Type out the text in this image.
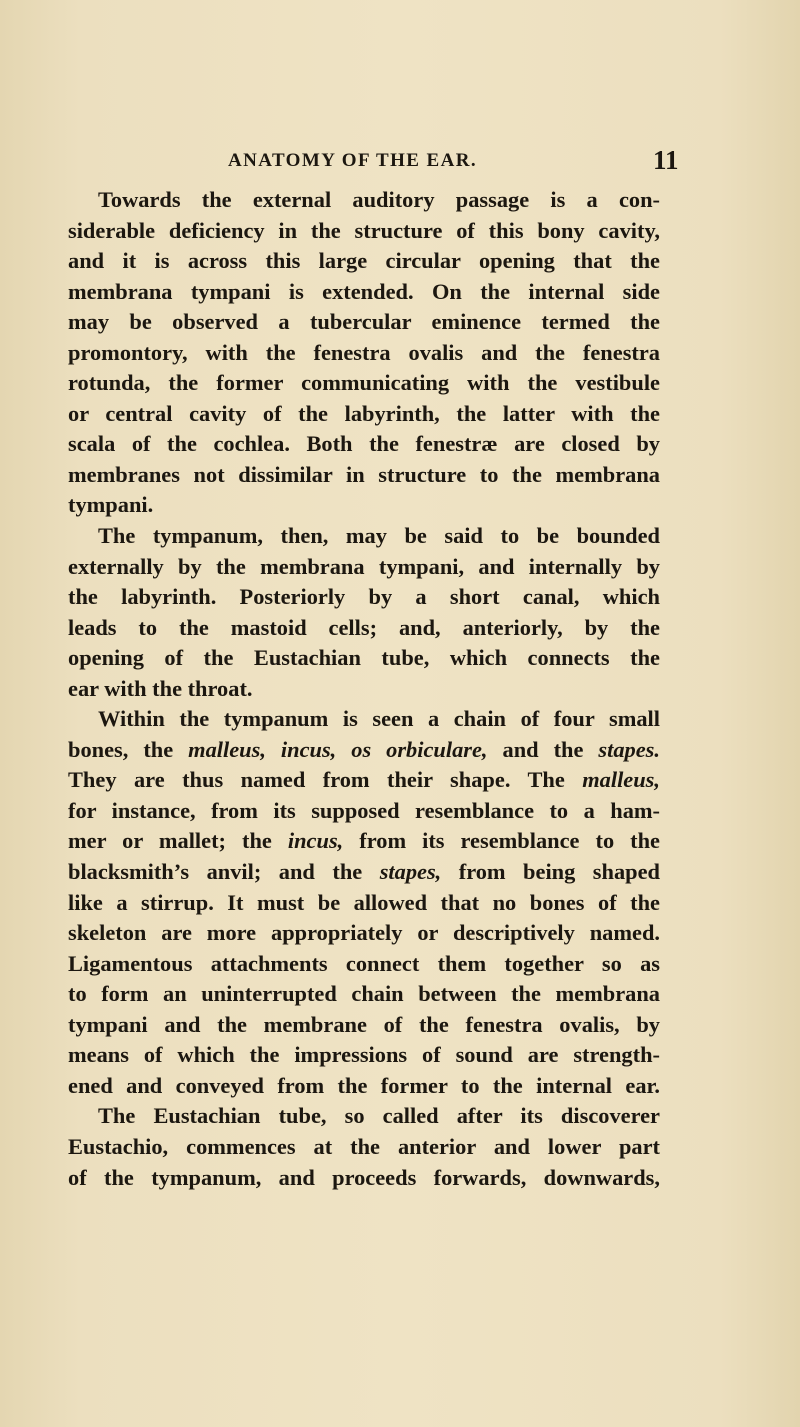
ANATOMY OF THE EAR.	11
Towards the external auditory passage is a con-
siderable deficiency in the structure of this bony cavity,
and it is across this large circular opening that the
membrana tympani is extended. On the internal side
may be observed a tubercular eminence termed the
promontory, with the fenestra ovalis and the fenestra
rotunda, the former communicating with the vestibule
or central cavity of the labyrinth, the latter with the
scala of the cochlea. Both the fenestræ are closed by
membranes not dissimilar in structure to the membrana
tympani.
The tympanum, then, may be said to be bounded
externally by the membrana tympani, and internally by
the labyrinth. Posteriorly by a short canal, which
leads to the mastoid cells; and, anteriorly, by the
opening of the Eustachian tube, which connects the
ear with the throat.
Within the tympanum is seen a chain of four small
bones, the malleus, incus, os orbiculare, and the stapes.
They are thus named from their shape. The malleus,
for instance, from its supposed resemblance to a ham-
mer or mallet; the incus, from its resemblance to the
blacksmith’s anvil; and the stapes, from being shaped
like a stirrup. It must be allowed that no bones of the
skeleton are more appropriately or descriptively named.
Ligamentous attachments connect them together so as
to form an uninterrupted chain between the membrana
tympani and the membrane of the fenestra ovalis, by
means of which the impressions of sound are strength-
ened and conveyed from the former to the internal ear.
The Eustachian tube, so called after its discoverer
Eustachio, commences at the anterior and lower part
of the tympanum, and proceeds forwards, downwards,
